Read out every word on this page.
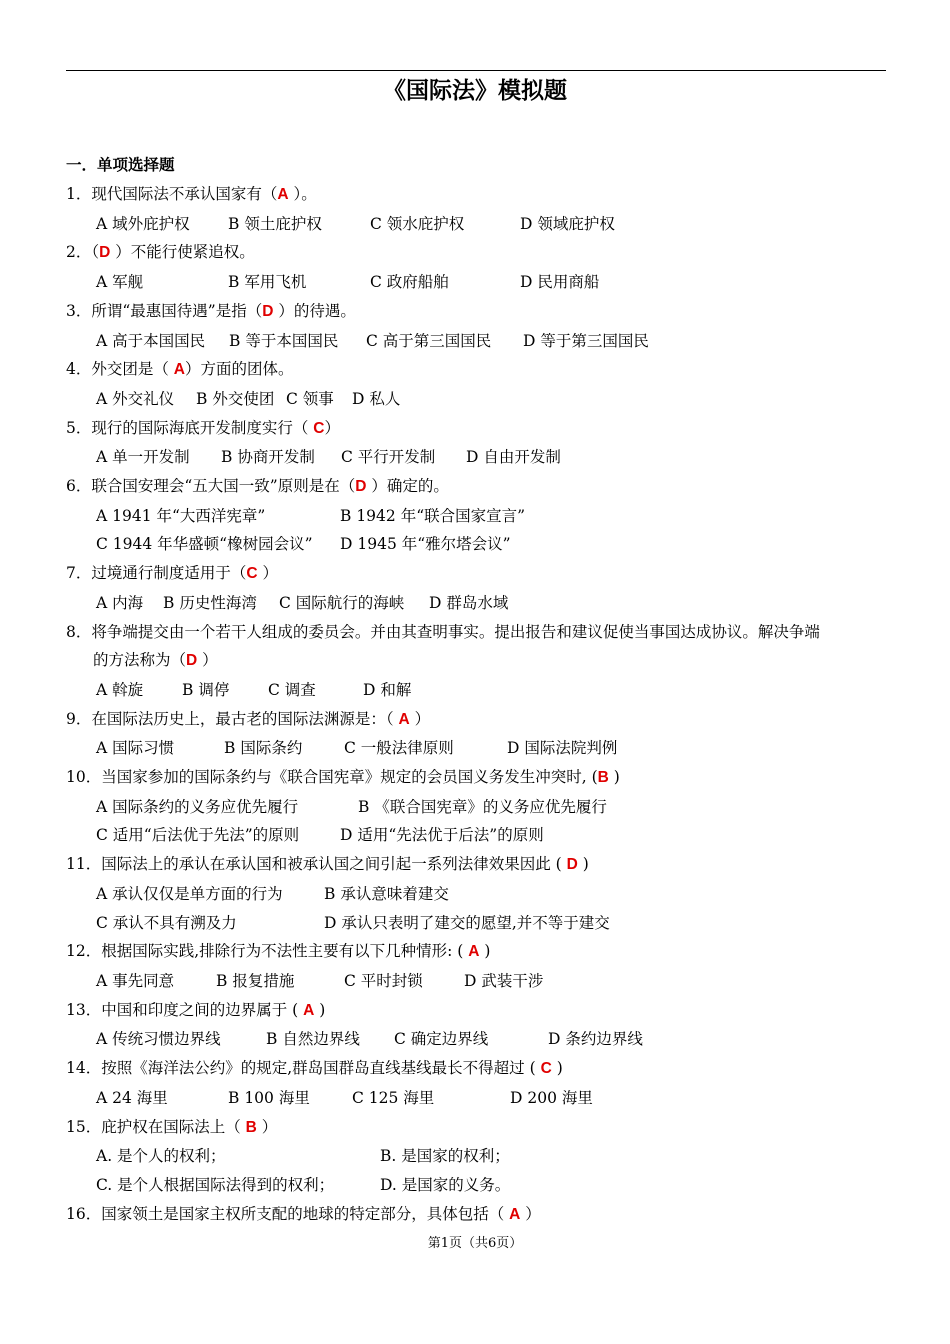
《国际法》模拟题
一．单项选择题
1．现代国际法不承认国家有（A ）。
A 域外庇护权 B 领土庇护权	C 领水庇护权	D 领域庇护权
2．（D ）不能行使紧追权。
A 军舰	B 军用飞机	C 政府船舶	D 民用商船
3．所谓“最惠国待遇”是指（D ）的待遇。
A 高于本国国民 B 等于本国国民 C 高于第三国国民 D 等于第三国国民
4．外交团是（ A）方面的团体。
A 外交礼仪 B 外交使团 C 领事 D 私人
5．现行的国际海底开发制度实行（ C）
A 单一开发制 B 协商开发制 C 平行开发制 D 自由开发制
6．联合国安理会“五大国一致”原则是在（D ）确定的。
A 1941 年“大西洋宪章”	B 1942 年“联合国家宣言”
C 1944 年华盛顿“橡树园会议” D 1945 年“雅尔塔会议”
7．过境通行制度适用于（C ）
A 内海 B 历史性海湾 C 国际航行的海峡 D 群岛水域
8．将争端提交由一个若干人组成的委员会。并由其查明事实。提出报告和建议促使当事国达成协议。解决争端
的方法称为（D ）
A 斡旋	B 调停 C 调查	D 和解
9．在国际法历史上，最古老的国际法渊源是：（ A ）
A 国际习惯	B 国际条约	C 一般法律原则	D 国际法院判例
10．当国家参加的国际条约与《联合国宪章》规定的会员国义务发生冲突时, (B )
A 国际条约的义务应优先履行	B 《联合国宪章》的义务应优先履行
C 适用“后法优于先法”的原则	D 适用“先法优于后法”的原则
11．国际法上的承认在承认国和被承认国之间引起一系列法律效果因此 ( D )
A 承认仅仅是单方面的行为	B 承认意味着建交
C 承认不具有溯及力	D 承认只表明了建交的愿望,并不等于建交
12．根据国际实践,排除行为不法性主要有以下几种情形: ( A )
A 事先同意	B 报复措施	C 平时封锁	D 武装干涉
13．中国和印度之间的边界属于 ( A )
A 传统习惯边界线	B 自然边界线 C 确定边界线	D 条约边界线
14．按照《海洋法公约》的规定,群岛国群岛直线基线最长不得超过 ( C )
A 24 海里	B 100 海里	C 125 海里	D 200 海里
15．庇护权在国际法上（ B ）
A. 是个人的权利；	B. 是国家的权利；
C. 是个人根据国际法得到的权利；	D. 是国家的义务。
16．国家领土是国家主权所支配的地球的特定部分，具体包括（ A ）
第1页（共6页）
